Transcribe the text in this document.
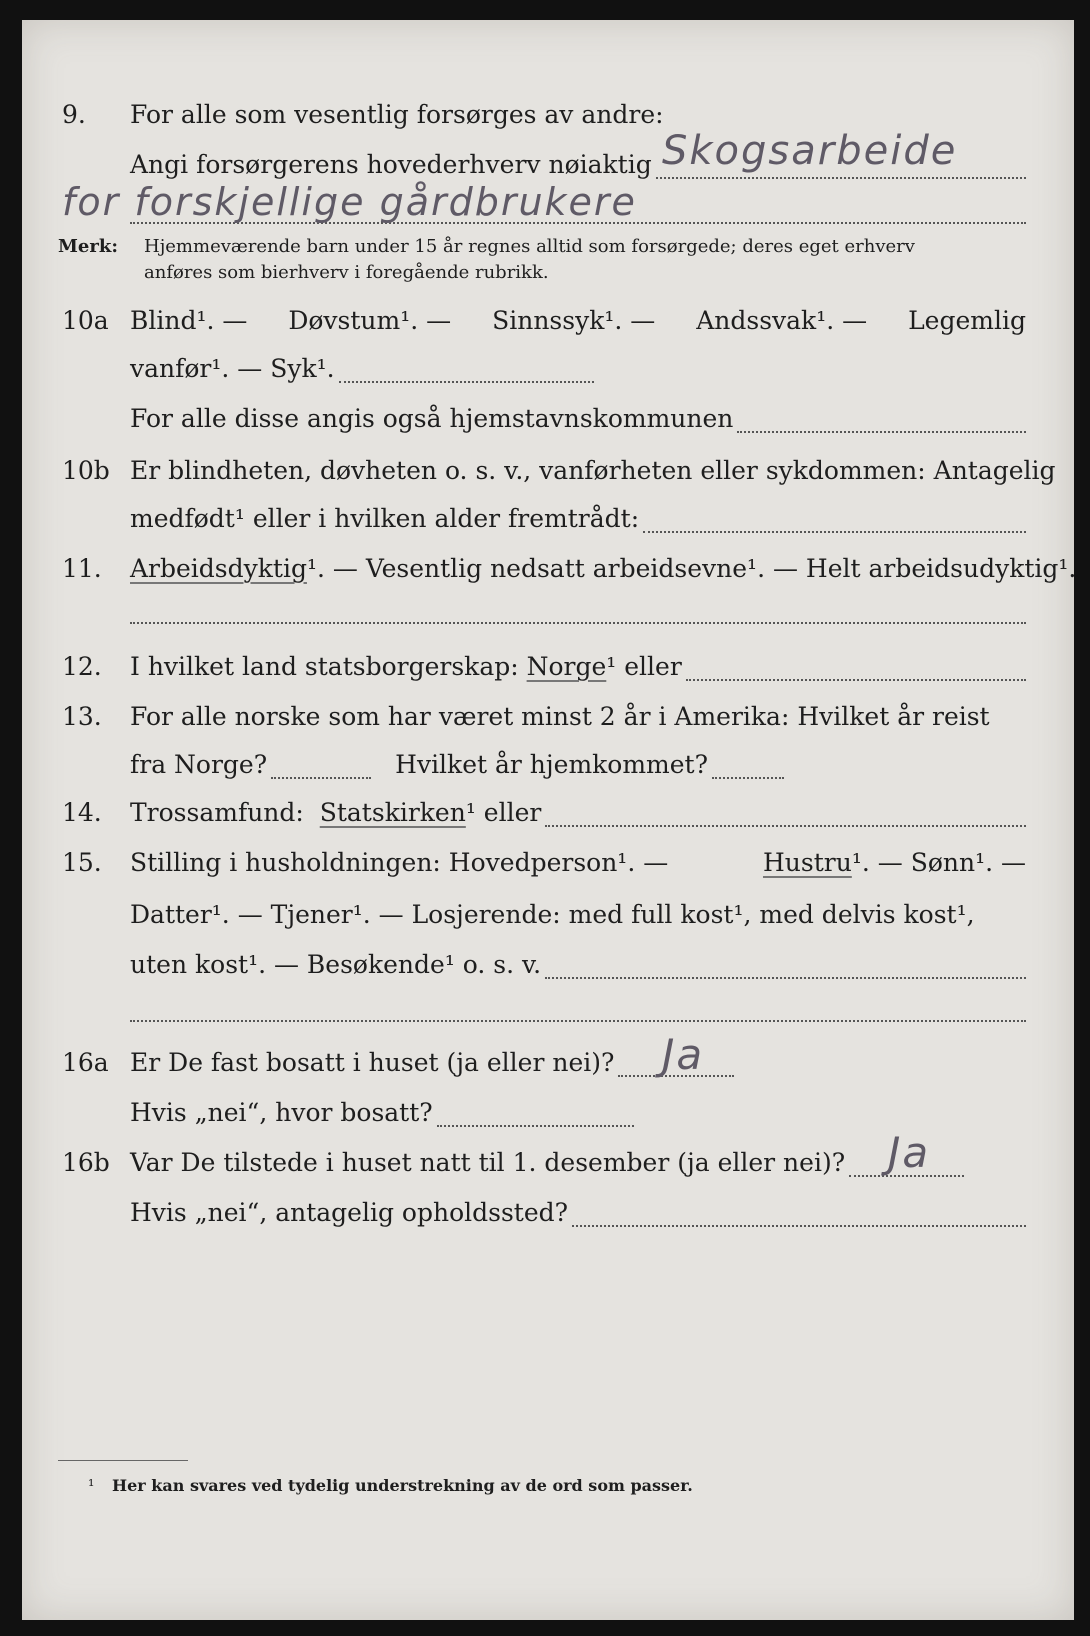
9. For alle som vesentlig forsørges av andre:
Angi forsørgerens hovederhverv nøiaktig Skogsarbeide
for forskjellige gårdbrukere
Merk: Hjemmeværende barn under 15 år regnes alltid som forsørgede; deres eget erhverv
anføres som bierhverv i foregående rubrikk.
10a Blind¹. — Døvstum¹. — Sinnssyk¹. — Andssvak¹. — Legemlig
vanfør¹. — Syk¹.
For alle disse angis også hjemstavnskommunen
10b Er blindheten, døvheten o. s. v., vanførheten eller sykdommen: Antagelig
medfødt¹ eller i hvilken alder fremtrådt:
11. Arbeidsdyktig ¹. — Vesentlig nedsatt arbeidsevne¹. — Helt arbeidsudyktig¹.
12. I hvilket land statsborgerskap:
Norge ¹ eller
13. For alle norske som har været minst 2 år i Amerika: Hvilket år reist
fra Norge?	Hvilket år hjemkommet?
14. Trossamfund:
Statskirken ¹ eller
15. Stilling i husholdningen: Hovedperson¹. —	Hustru¹. — Sønn¹. —
Datter¹. — Tjener¹. — Losjerende: med full kost¹, med delvis kost¹,
uten kost¹. — Besøkende¹ o. s. v.
16a Er De fast bosatt i huset (ja eller nei)? Ja
Hvis „nei“, hvor bosatt?
16b Var De tilstede i huset natt til 1. desember (ja eller nei)? Ja
Hvis „nei“, antagelig opholdssted?
¹ Her kan svares ved tydelig understrekning av de ord som passer.
